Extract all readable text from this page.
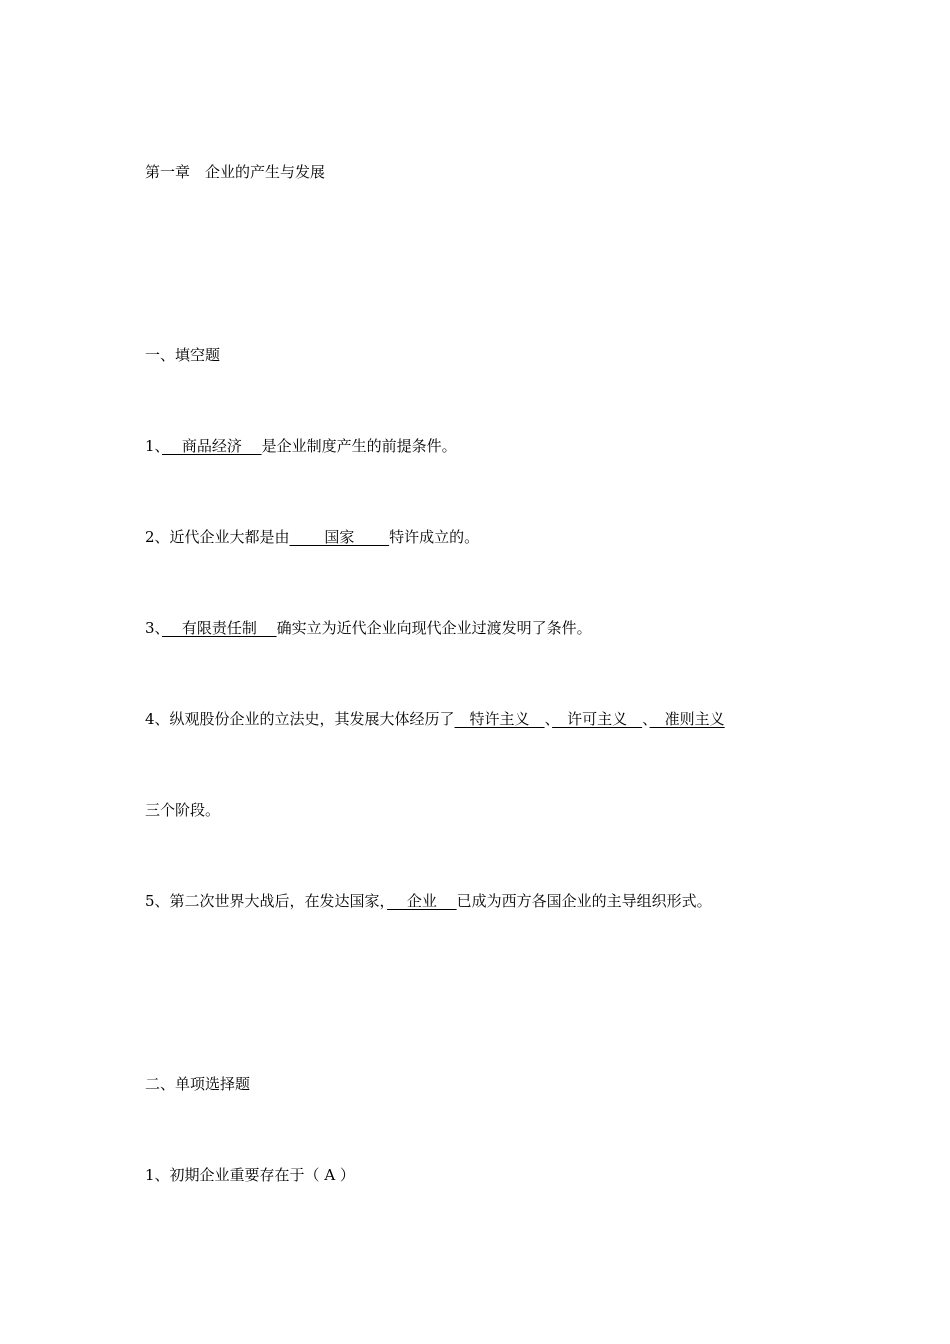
第一章　企业的产生与发展
一、填空题
1、　 商品经济 　是企业制度产生的前提条件。
2、近代企业大都是由　　 国家 　　特许成立的。
3、　 有限责任制 　确实立为近代企业向现代企业过渡发明了条件。
4、纵观股份企业的立法史，其发展大体经历了　特许主义　、　许可主义　、　准则主义
三个阶段。
5、第二次世界大战后，在发达国家，　 企业 　已成为西方各国企业的主导组织形式。
二、单项选择题
1、初期企业重要存在于（ A ）
